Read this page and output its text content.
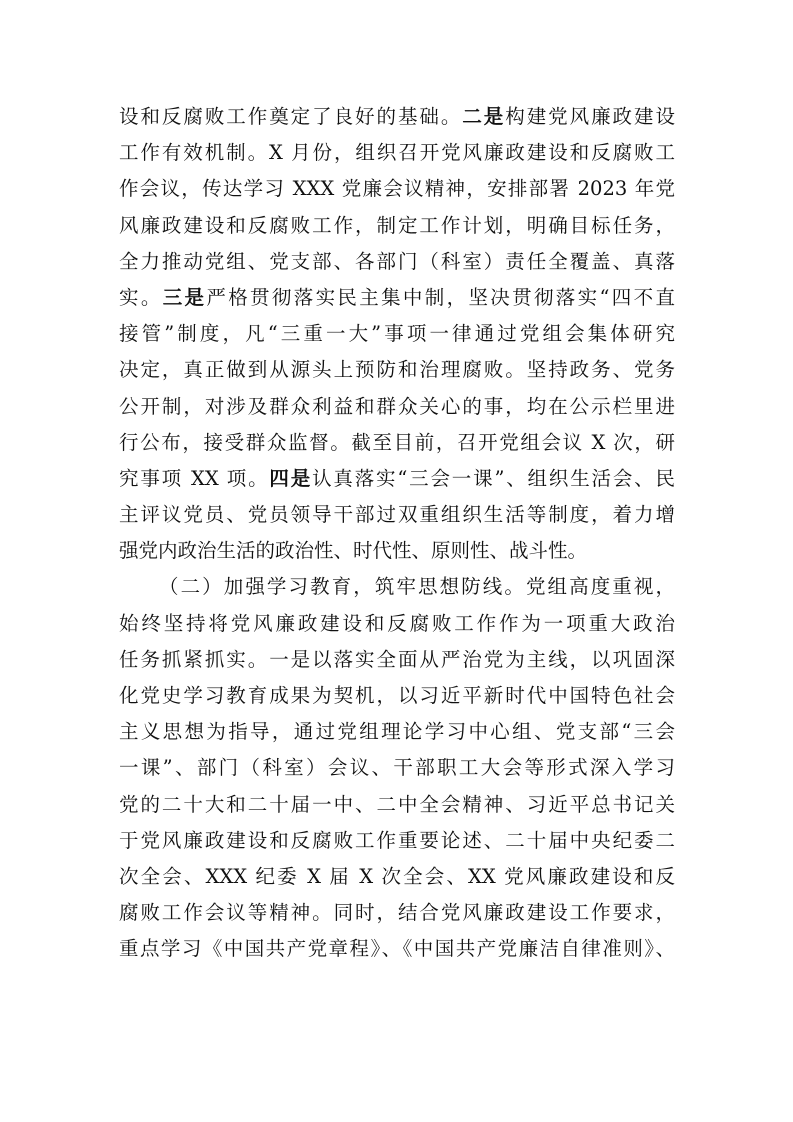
设和反腐败工作奠定了良好的基础。二是构建党风廉政建设
工作有效机制。X 月份，组织召开党风廉政建设和反腐败工
作会议，传达学习 XXX 党廉会议精神，安排部署 2023 年党
风廉政建设和反腐败工作，制定工作计划，明确目标任务，
全力推动党组、党支部、各部门（科室）责任全覆盖、真落
实。三是严格贯彻落实民主集中制，坚决贯彻落实“四不直
接管”制度，凡“三重一大”事项一律通过党组会集体研究
决定，真正做到从源头上预防和治理腐败。坚持政务、党务
公开制，对涉及群众利益和群众关心的事，均在公示栏里进
行公布，接受群众监督。截至目前，召开党组会议 X 次，研
究事项 XX 项。四是认真落实“三会一课”、组织生活会、民
主评议党员、党员领导干部过双重组织生活等制度，着力增
强党内政治生活的政治性、时代性、原则性、战斗性。
（二）加强学习教育，筑牢思想防线。党组高度重视，
始终坚持将党风廉政建设和反腐败工作作为一项重大政治
任务抓紧抓实。一是以落实全面从严治党为主线，以巩固深
化党史学习教育成果为契机，以习近平新时代中国特色社会
主义思想为指导，通过党组理论学习中心组、党支部“三会
一课”、部门（科室）会议、干部职工大会等形式深入学习
党的二十大和二十届一中、二中全会精神、习近平总书记关
于党风廉政建设和反腐败工作重要论述、二十届中央纪委二
次全会、XXX 纪委 X 届 X 次全会、XX 党风廉政建设和反
腐败工作会议等精神。同时，结合党风廉政建设工作要求，
重点学习《中国共产党章程》、《中国共产党廉洁自律准则》、
